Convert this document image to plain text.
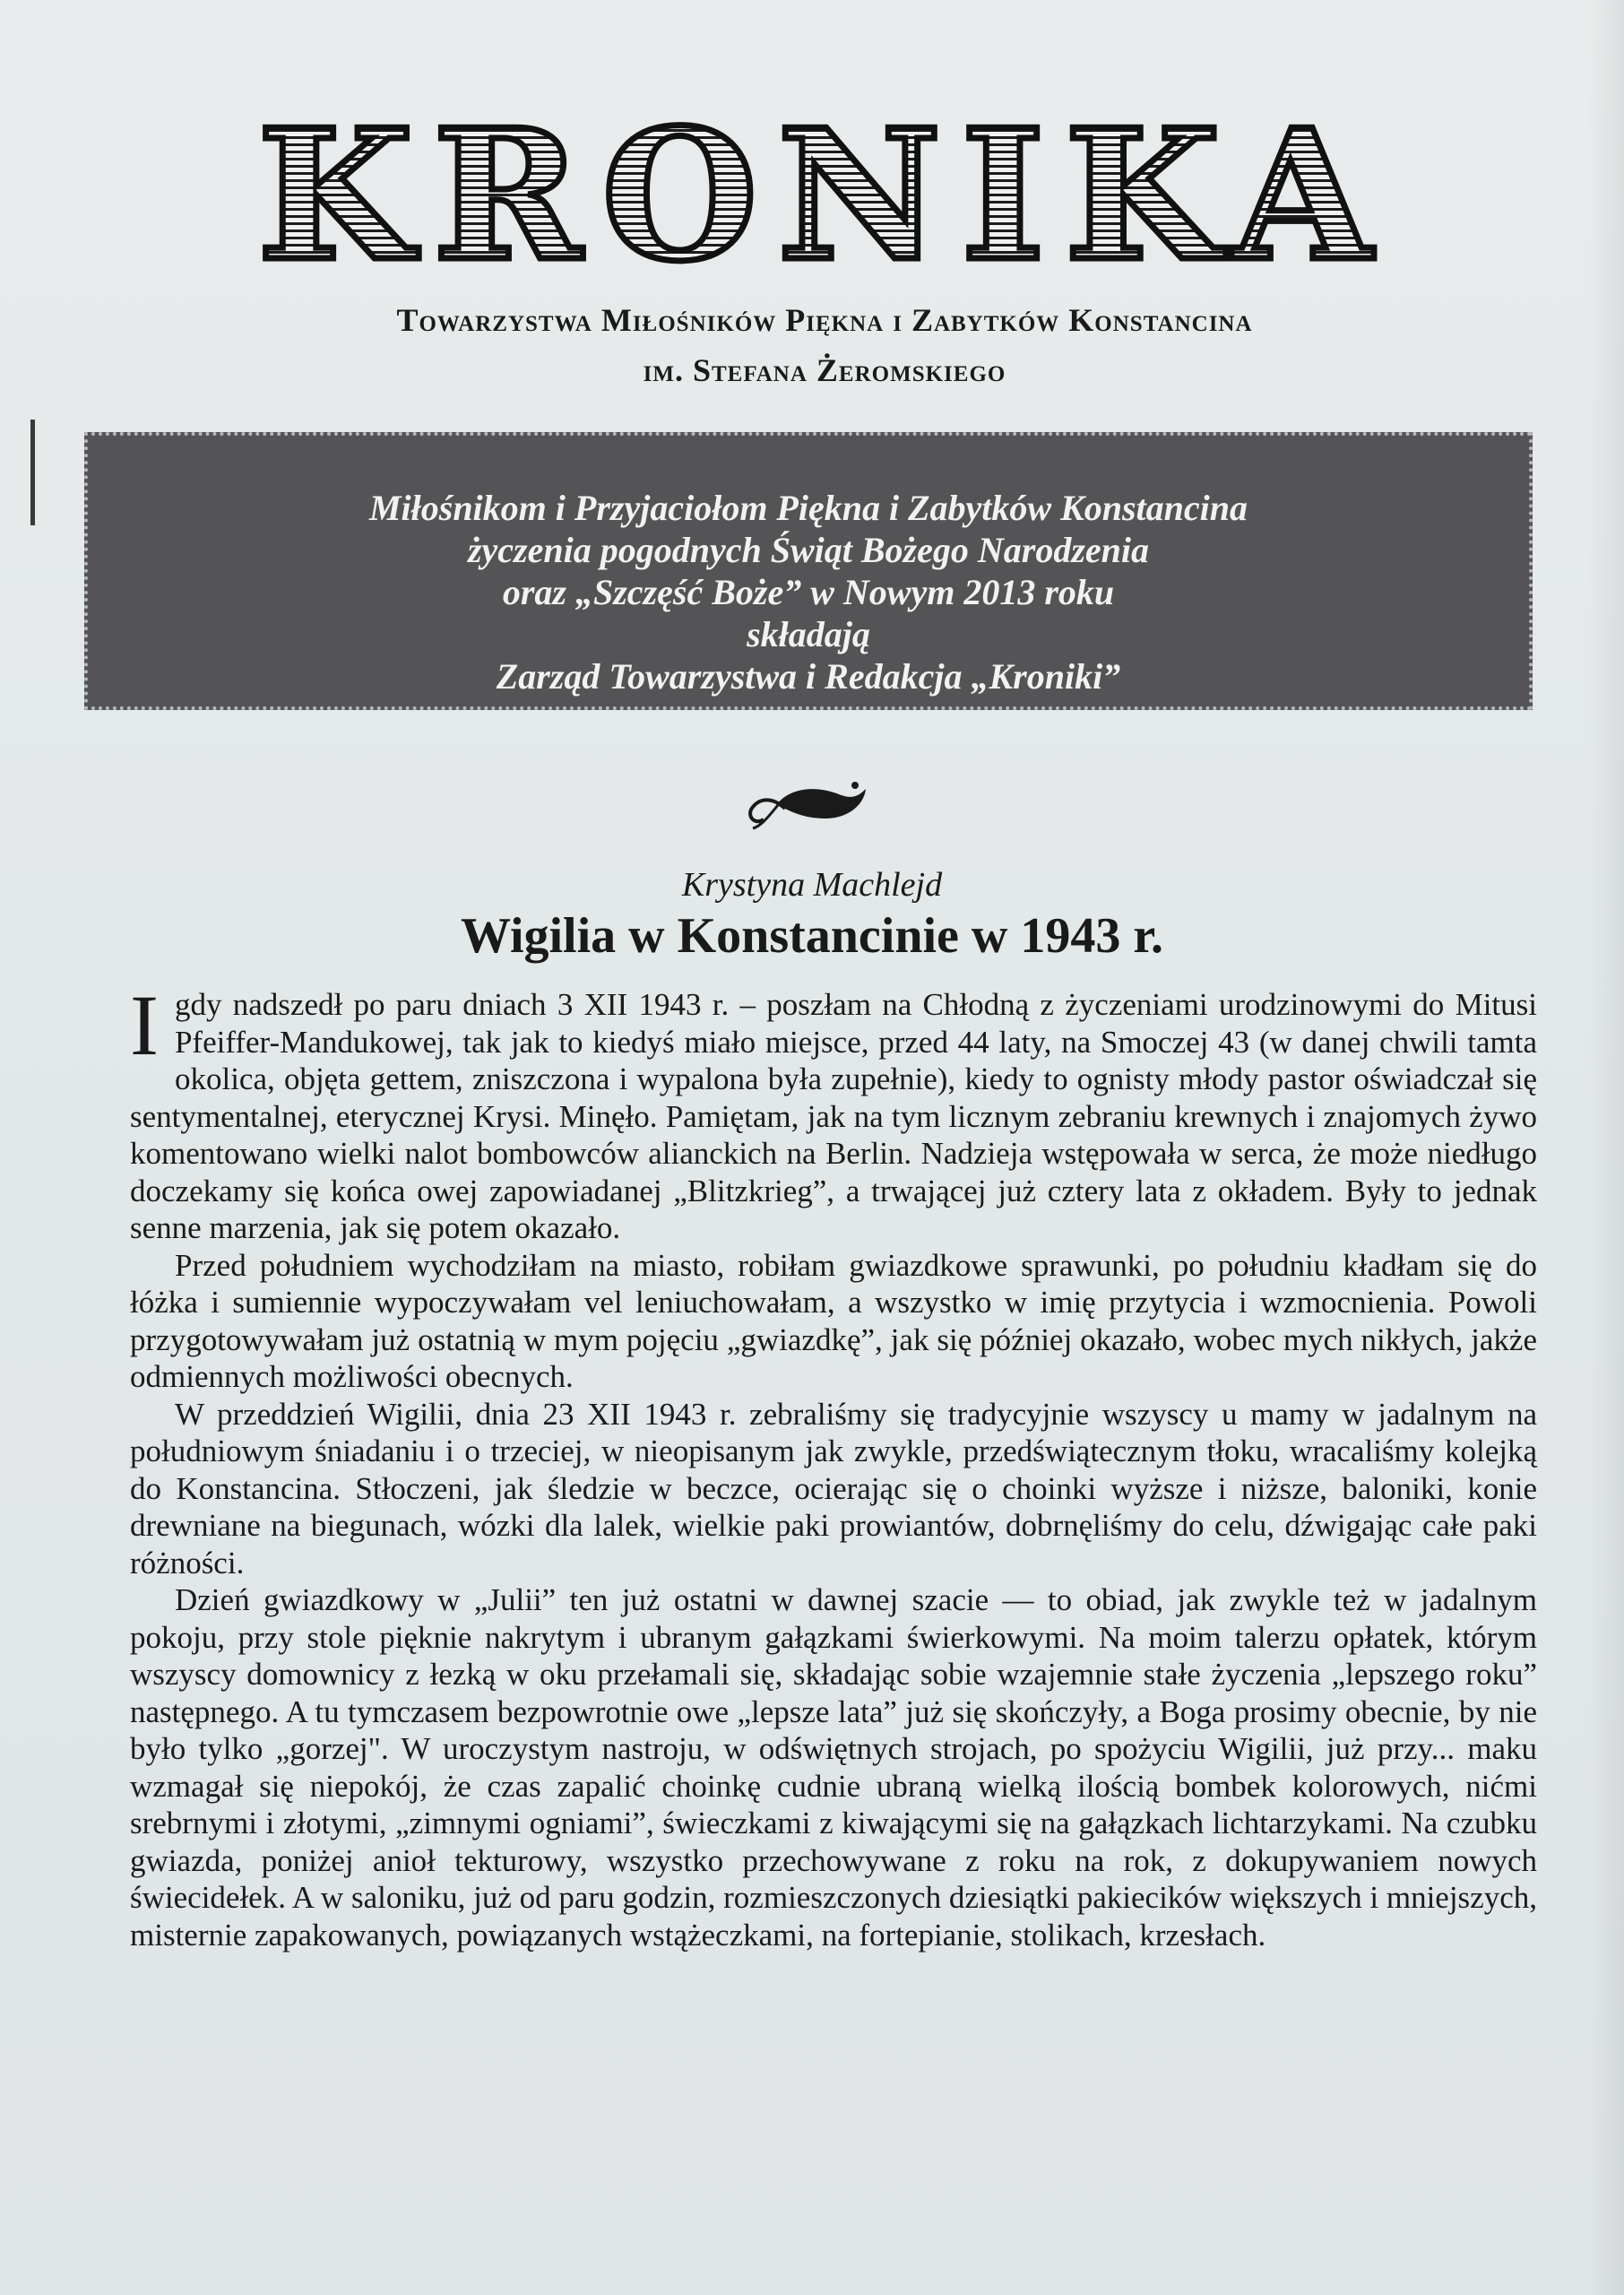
KRONIKA
Towarzystwa Miłośników Piękna i Zabytków Konstancina
im. Stefana Żeromskiego
Miłośnikom i Przyjaciołom Piękna i Zabytków Konstancina
życzenia pogodnych Świąt Bożego Narodzenia
oraz „Szczęść Boże” w Nowym 2013 roku
składają
Zarząd Towarzystwa i Redakcja „Kroniki”
Krystyna Machlejd
Wigilia w Konstancinie w 1943 r.

I gdy nadszedł po paru dniach 3 XII 1943 r. – poszłam na Chłodną z życzeniami urodzinowymi do Mitusi Pfeiffer-Mandukowej, tak jak to kiedyś miało miejsce, przed 44 laty, na Smoczej 43 (w danej chwili tamta okolica, objęta gettem, zniszczona i wypalona była zupełnie), kiedy to ognisty młody pastor oświadczał się sentymentalnej, eterycznej Krysi. Minęło. Pamiętam, jak na tym licznym zebraniu krewnych i znajomych żywo komentowano wielki nalot bombowców alianckich na Berlin. Nadzieja wstępowała w serca, że może niedługo doczekamy się końca owej zapowiadanej „Blitzkrieg”, a trwającej już cztery lata z okładem. Były to jednak senne marzenia, jak się potem okazało.

Przed południem wychodziłam na miasto, robiłam gwiazdkowe sprawunki, po południu kładłam się do łóżka i sumiennie wypoczywałam vel leniuchowałam, a wszystko w imię przytycia i wzmocnienia. Powoli przygotowywałam już ostatnią w mym pojęciu „gwiazdkę”, jak się później okazało, wobec mych nikłych, jakże odmiennych możliwości obecnych.

W przeddzień Wigilii, dnia 23 XII 1943 r. zebraliśmy się tradycyjnie wszyscy u mamy w jadalnym na południowym śniadaniu i o trzeciej, w nieopisanym jak zwykle, przedświątecznym tłoku, wracaliśmy kolejką do Konstancina. Stłoczeni, jak śledzie w beczce, ocierając się o choinki wyższe i niższe, baloniki, konie drewniane na biegunach, wózki dla lalek, wielkie paki prowiantów, dobrnęliśmy do celu, dźwigając całe paki różności.

Dzień gwiazdkowy w „Julii” ten już ostatni w dawnej szacie — to obiad, jak zwykle też w jadalnym pokoju, przy stole pięknie nakrytym i ubranym gałązkami świerkowymi. Na moim talerzu opłatek, którym wszyscy domownicy z łezką w oku przełamali się, składając sobie wzajemnie stałe życzenia „lepszego roku” następnego. A tu tymczasem bezpowrotnie owe „lepsze lata” już się skończyły, a Boga prosimy obecnie, by nie było tylko „gorzej". W uroczystym nastroju, w odświętnych strojach, po spożyciu Wigilii, już przy... maku wzmagał się niepokój, że czas zapalić choinkę cudnie ubraną wielką ilością bombek kolorowych, nićmi srebrnymi i złotymi, „zimnymi ogniami”, świeczkami z kiwającymi się na gałązkach lichtarzykami. Na czubku gwiazda, poniżej anioł tekturowy, wszystko przechowywane z roku na rok, z dokupywaniem nowych świecidełek. A w saloniku, już od paru godzin, rozmieszczonych dziesiątki pakiecików większych i mniejszych, misternie zapakowanych, powiązanych wstążeczkami, na fortepianie, stolikach, krzesłach.
